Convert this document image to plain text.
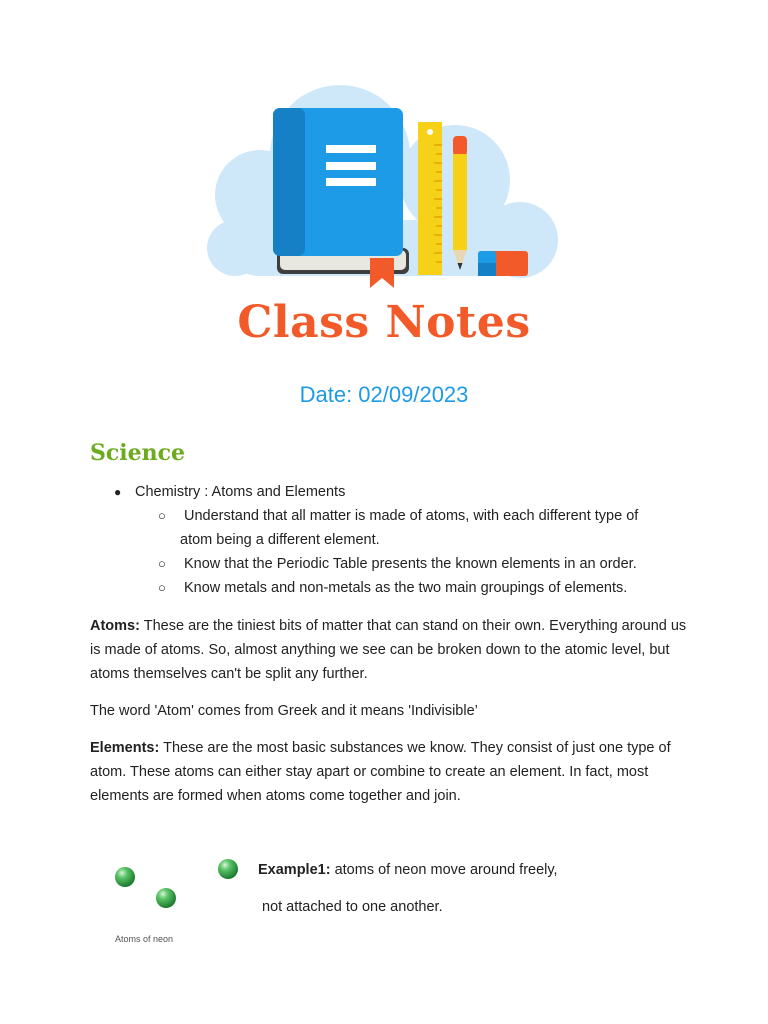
Class Notes
Date: 02/09/2023
Science
● Chemistry : Atoms and Elements
○ Understand that all matter is made of atoms, with each different type of
atom being a different element.
○ Know that the Periodic Table presents the known elements in an order.
○ Know metals and non-metals as the two main groupings of elements.

Atoms: These are the tiniest bits of matter that can stand on their own. Everything around us is made of atoms. So, almost anything we see can be broken down to the atomic level, but atoms themselves can't be split any further.

The word 'Atom' comes from Greek and it means 'Indivisible’

Elements: These are the most basic substances we know. They consist of just one type of atom. These atoms can either stay apart or combine to create an element. In fact, most elements are formed when atoms come together and join.

Atoms of neon
Example1: atoms of neon move around freely,
not attached to one another.
